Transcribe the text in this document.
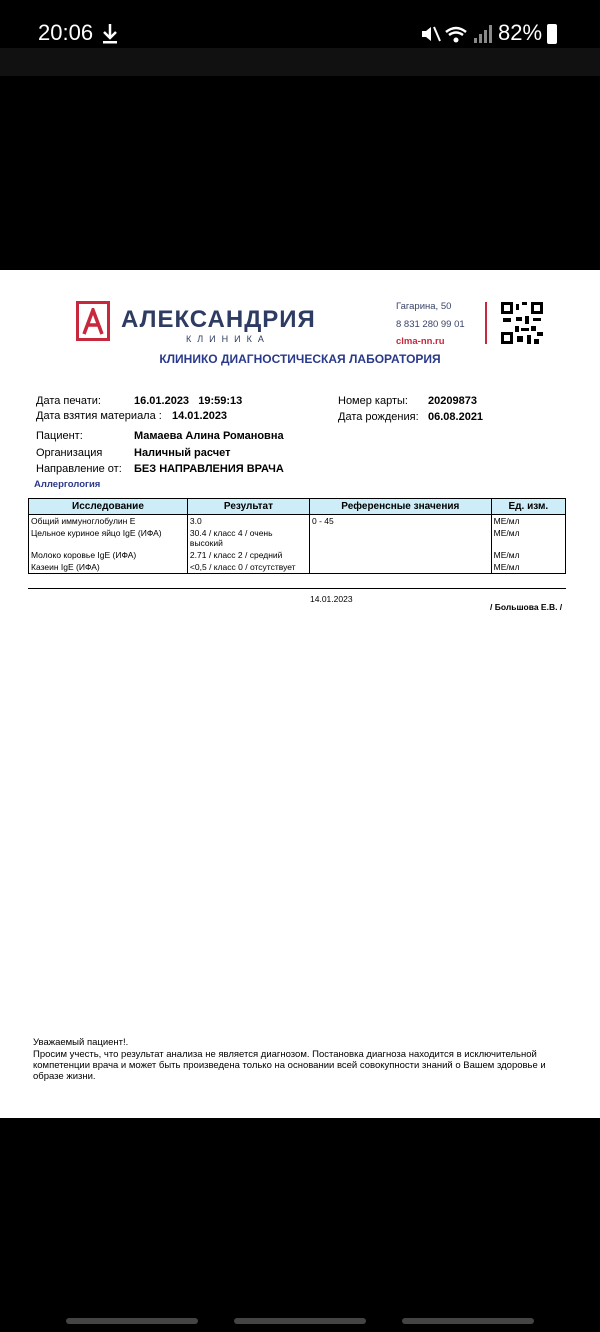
20:06	82%
АЛЕКСАНДРИЯ
КЛИНИКА
Гагарина, 50
8 831 280 99 01
clma-nn.ru
КЛИНИКО ДИАГНОСТИЧЕСКАЯ ЛАБОРАТОРИЯ
Дата печати:	16.01.2023   19:59:13
Дата взятия материала : 14.01.2023
Номер карты: 20209873
Дата рождения: 06.08.2021
Пациент:	Мамаева Алина Романовна
Организация	Наличный расчет
Направление от: БЕЗ НАПРАВЛЕНИЯ ВРАЧА
Аллергология
Исследование	Результат	Референсные значения	Ед. изм.
Общий иммуноглобулин Е	3.0	0 - 45	МЕ/мл
Цельное куриное яйцо IgE (ИФА)	30.4 / класс 4 / очень высокий		МЕ/мл
Молоко коровье IgE (ИФА)	2.71 / класс 2 / средний		МЕ/мл
Казеин IgE (ИФА)	<0,5 / класс 0 / отсутствует		МЕ/мл
14.01.2023
/ Большова Е.В. /
Уважаемый пациент!.
Просим учесть, что результат анализа не является диагнозом. Постановка диагноза находится в исключительной компетенции врача и может быть произведена только на основании всей совокупности знаний о Вашем здоровье и образе жизни.
